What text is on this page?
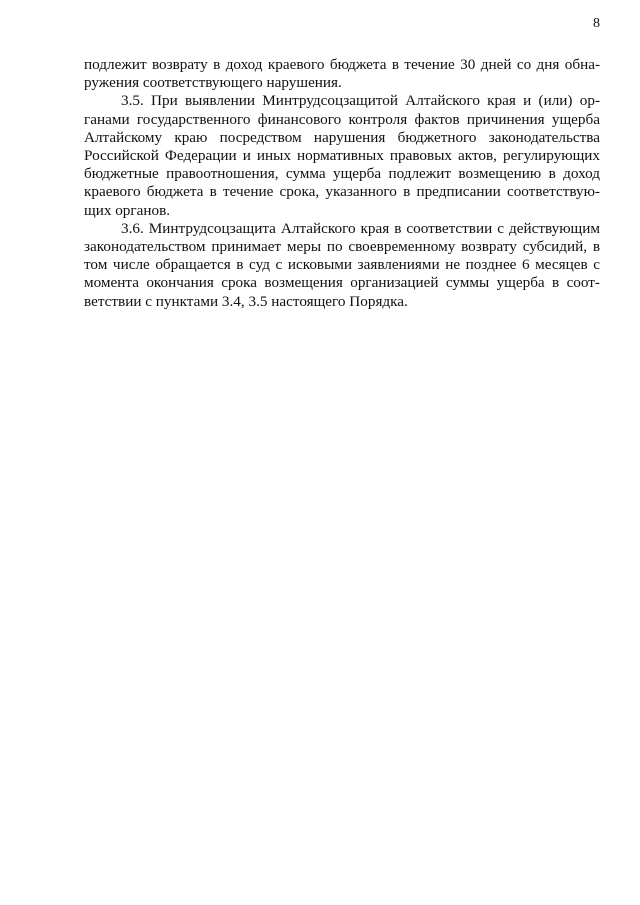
8

подлежит возврату в доход краевого бюджета в течение 30 дней со дня обна-
ружения соответствующего нарушения.

3.5. При выявлении Минтрудсоцзащитой Алтайского края и (или) ор-
ганами государственного финансового контроля фактов причинения ущерба
Алтайскому краю посредством нарушения бюджетного законодательства
Российской Федерации и иных нормативных правовых актов, регулирующих
бюджетные правоотношения, сумма ущерба подлежит возмещению в доход
краевого бюджета в течение срока, указанного в предписании соответствую-
щих органов.

3.6. Минтрудсоцзащита Алтайского края в соответствии с действующим
законодательством принимает меры по своевременному возврату субсидий, в
том числе обращается в суд с исковыми заявлениями не позднее 6 месяцев с
момента окончания срока возмещения организацией суммы ущерба в соот-
ветствии с пунктами 3.4, 3.5 настоящего Порядка.
